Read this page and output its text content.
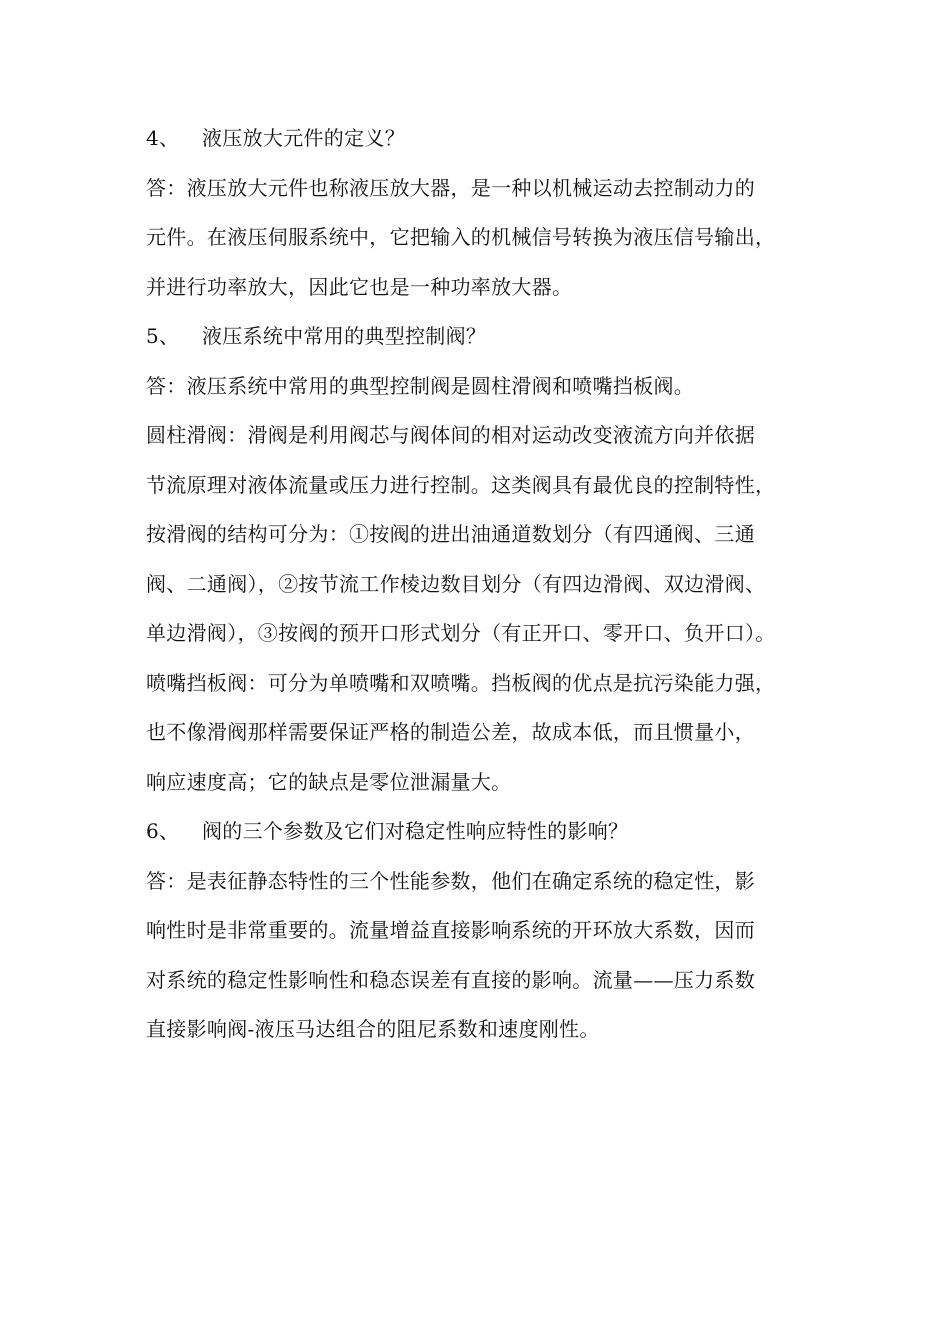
4、 液压放大元件的定义？
答：液压放大元件也称液压放大器，是一种以机械运动去控制动力的
元件。在液压伺服系统中，它把输入的机械信号转换为液压信号输出，
并进行功率放大，因此它也是一种功率放大器。
5、 液压系统中常用的典型控制阀？
答：液压系统中常用的典型控制阀是圆柱滑阀和喷嘴挡板阀。
圆柱滑阀：滑阀是利用阀芯与阀体间的相对运动改变液流方向并依据
节流原理对液体流量或压力进行控制。这类阀具有最优良的控制特性，
按滑阀的结构可分为：①按阀的进出油通道数划分（有四通阀、三通
阀、二通阀），②按节流工作棱边数目划分（有四边滑阀、双边滑阀、
单边滑阀），③按阀的预开口形式划分（有正开口、零开口、负开口）。
喷嘴挡板阀：可分为单喷嘴和双喷嘴。挡板阀的优点是抗污染能力强，
也不像滑阀那样需要保证严格的制造公差，故成本低，而且惯量小，
响应速度高；它的缺点是零位泄漏量大。
6、 阀的三个参数及它们对稳定性响应特性的影响？
答：是表征静态特性的三个性能参数，他们在确定系统的稳定性，影
响性时是非常重要的。流量增益直接影响系统的开环放大系数，因而
对系统的稳定性影响性和稳态误差有直接的影响。流量——压力系数
直接影响阀-液压马达组合的阻尼系数和速度刚性。
